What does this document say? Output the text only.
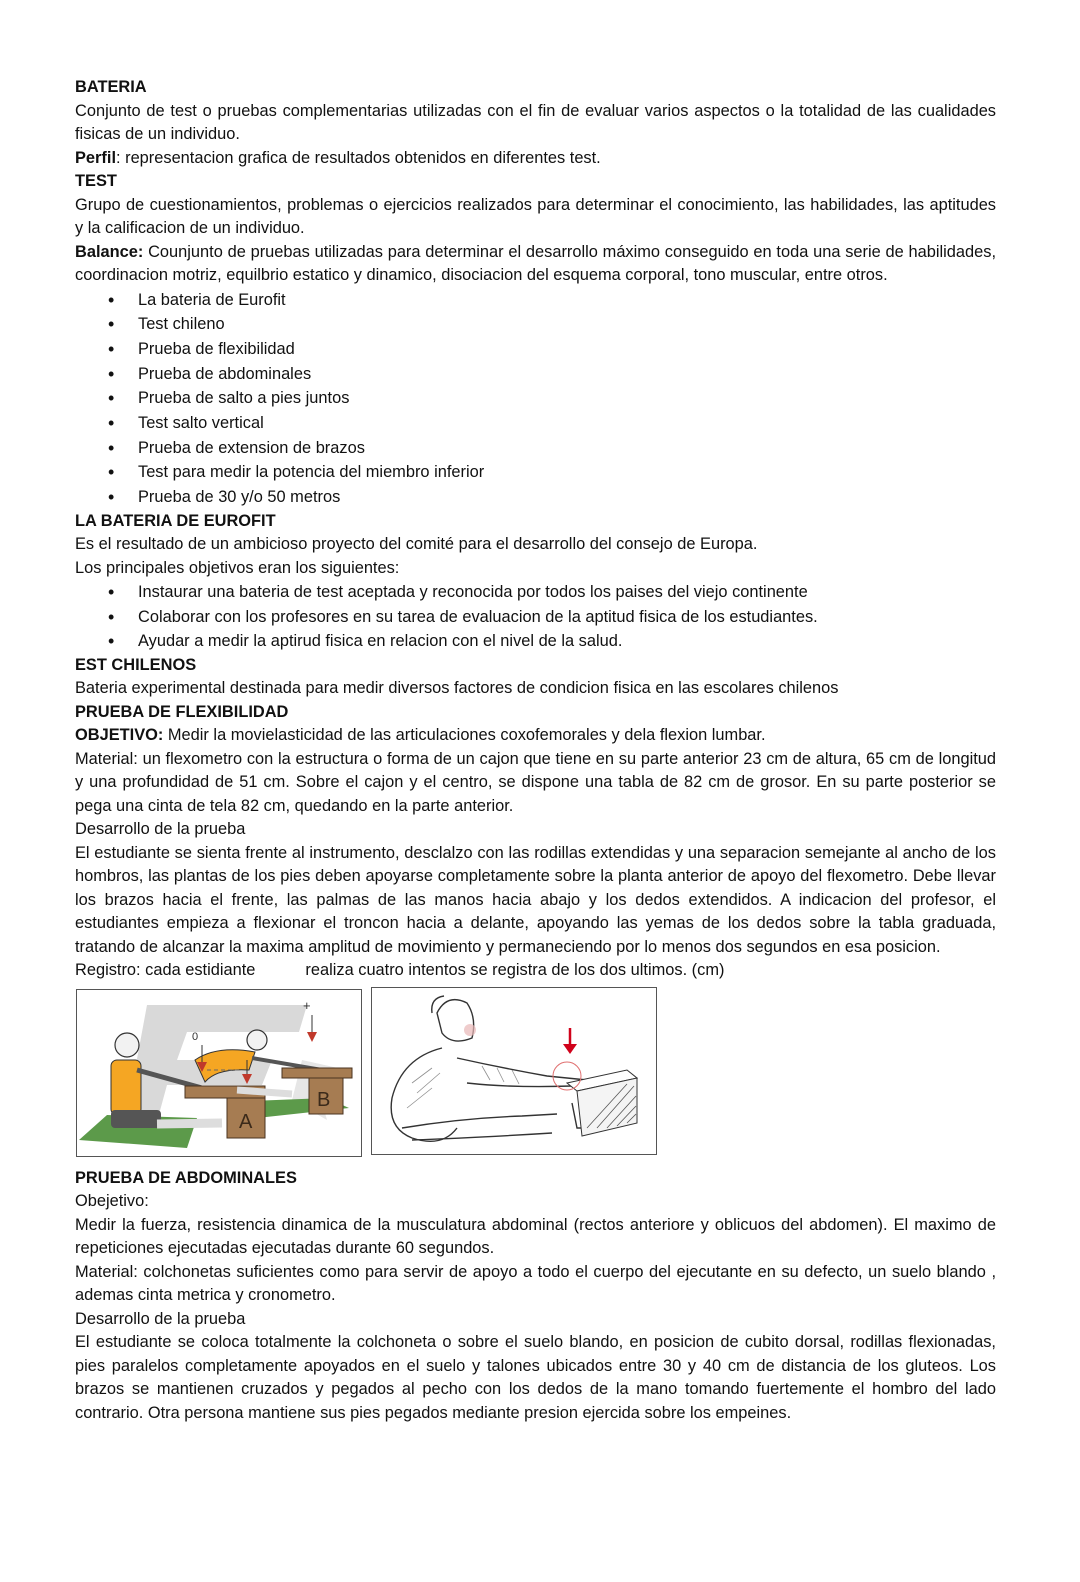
BATERIA

Conjunto de test o pruebas complementarias utilizadas con el fin de evaluar varios aspectos o la totalidad de las cualidades fisicas de un individuo.

Perfil: representacion grafica de resultados obtenidos en diferentes test.

TEST

Grupo de cuestionamientos, problemas o ejercicios realizados para determinar el conocimiento, las habilidades, las aptitudes y la calificacion de un individuo.

Balance: Counjunto de pruebas utilizadas para determinar el desarrollo máximo conseguido en toda una serie de habilidades, coordinacion motriz, equilbrio estatico y dinamico, disociacion del esquema corporal, tono muscular, entre otros.

• La bateria de Eurofit
• Test chileno
• Prueba de flexibilidad
• Prueba de abdominales
• Prueba de salto a pies juntos
• Test salto vertical
• Prueba de extension de brazos
• Test para medir la potencia del miembro inferior
• Prueba de 30 y/o 50 metros
LA BATERIA DE EUROFIT
Es el resultado de un ambicioso proyecto del comité para el desarrollo del consejo de Europa.
Los principales objetivos eran los siguientes:
• Instaurar una bateria de test aceptada y reconocida por todos los paises del viejo continente
• Colaborar con los profesores en su tarea de evaluacion de la aptitud fisica de los estudiantes.
• Ayudar a medir la aptirud fisica en relacion con el nivel de la salud.
EST CHILENOS
Bateria experimental destinada para medir diversos factores de condicion fisica en las escolares chilenos
PRUEBA DE FLEXIBILIDAD

OBJETIVO: Medir la movielasticidad de las articulaciones coxofemorales y dela flexion lumbar.

Material: un flexometro con la estructura o forma de un cajon que tiene en su parte anterior 23 cm de altura, 65 cm de longitud y una profundidad de 51 cm. Sobre el cajon y el centro, se dispone una tabla de 82 cm de grosor. En su parte posterior se pega una cinta de tela 82 cm, quedando en la parte anterior.

Desarrollo de la prueba

El estudiante se sienta frente al instrumento, desclalzo con las rodillas extendidas y una separacion semejante al ancho de los hombros, las plantas de los pies deben apoyarse completamente sobre la planta anterior de apoyo del flexometro. Debe llevar los brazos hacia el frente, las palmas de las manos hacia abajo y los dedos extendidos. A indicacion del profesor, el estudiantes empieza a flexionar el troncon hacia a delante, apoyando las yemas de los dedos sobre la tabla graduada, tratando de alcanzar la maxima amplitud de movimiento y permaneciendo por lo menos dos segundos en esa posicion.

Registro: cada estidiante	realiza cuatro intentos se registra de los dos ultimos. (cm)
A
B
0
+
PRUEBA DE ABDOMINALES
Obejetivo:

Medir la fuerza, resistencia dinamica de la musculatura abdominal (rectos anteriore y oblicuos del abdomen). El maximo de repeticiones ejecutadas ejecutadas durante 60 segundos.

Material: colchonetas suficientes como para servir de apoyo a todo el cuerpo del ejecutante en su defecto, un suelo blando , ademas cinta metrica y cronometro.

Desarrollo de la prueba

El estudiante se coloca totalmente la colchoneta o sobre el suelo blando, en posicion de cubito dorsal, rodillas flexionadas, pies paralelos completamente apoyados en el suelo y talones ubicados entre 30 y 40 cm de distancia de los gluteos. Los brazos se mantienen cruzados y pegados al pecho con los dedos de la mano tomando fuertemente el hombro del lado contrario. Otra persona mantiene sus pies pegados mediante presion ejercida sobre los empeines.
